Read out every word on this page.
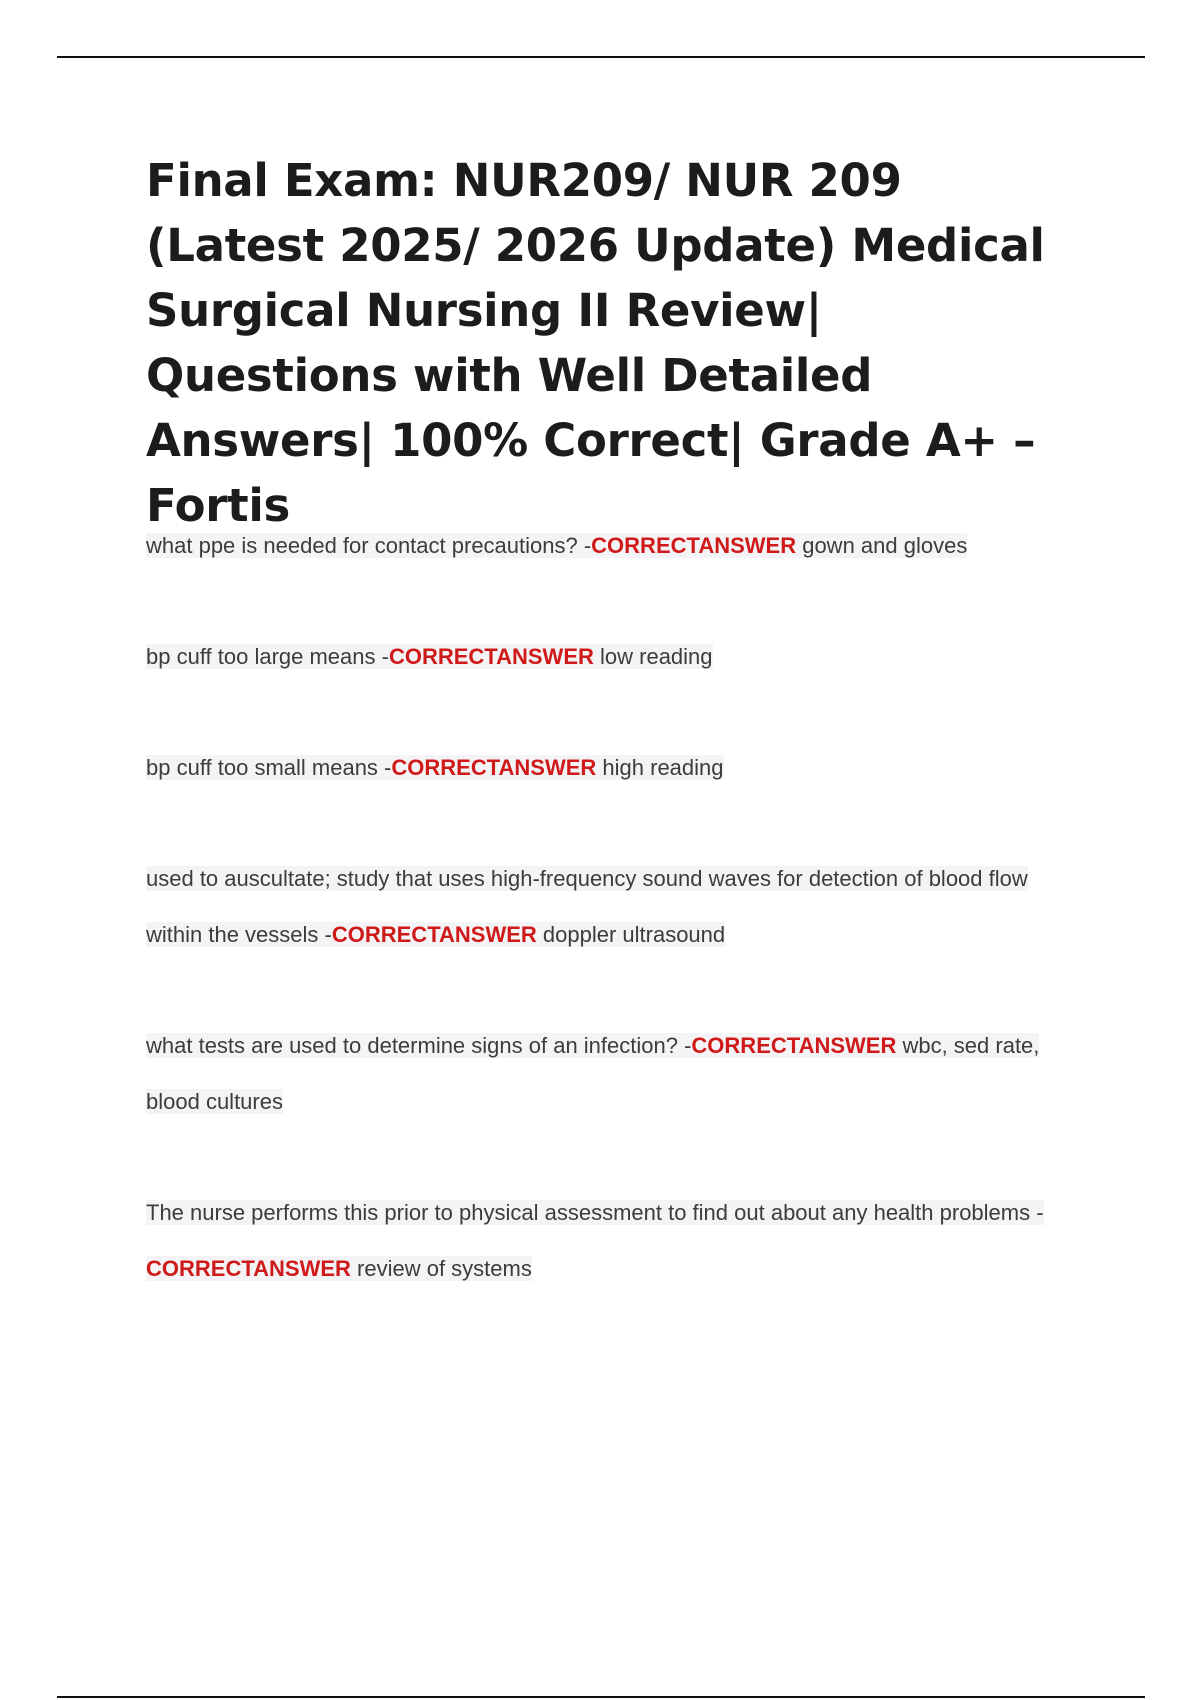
Final Exam: NUR209/ NUR 209 (Latest 2025/ 2026 Update) Medical Surgical Nursing II Review| Questions with Well Detailed Answers| 100% Correct| Grade A+ – Fortis

what ppe is needed for contact precautions? -CORRECTANSWER gown and gloves

bp cuff too large means -CORRECTANSWER low reading

bp cuff too small means -CORRECTANSWER high reading

used to auscultate; study that uses high-frequency sound waves for detection of blood flow within the vessels -CORRECTANSWER doppler ultrasound

what tests are used to determine signs of an infection? -CORRECTANSWER wbc, sed rate, blood cultures

The nurse performs this prior to physical assessment to find out about any health problems -CORRECTANSWER review of systems
